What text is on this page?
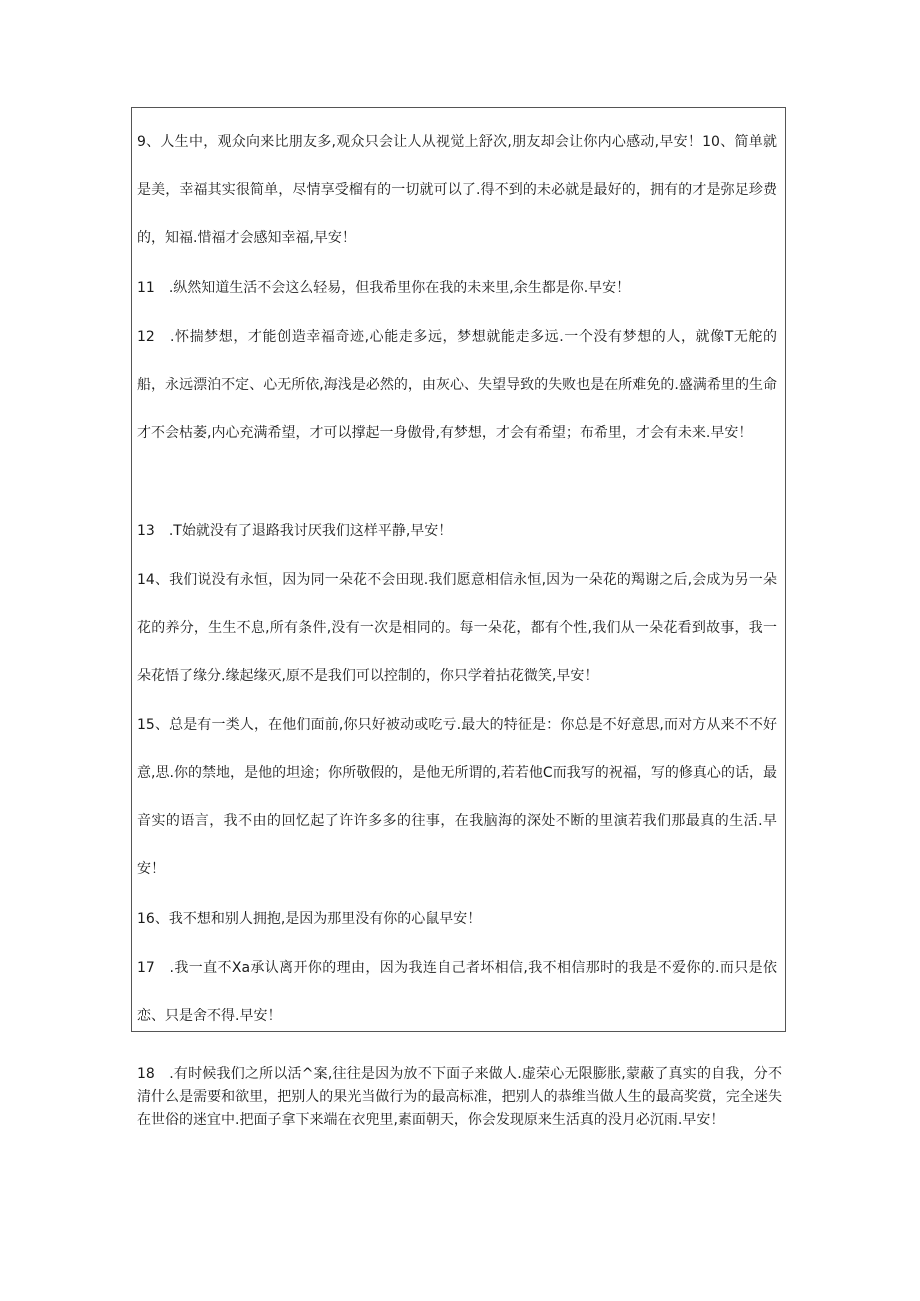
9、人生中，观众向来比朋友多,观众只会让人从视觉上舒次,朋友却会让你内心感动,早安！10、简单就是美，幸福其实很简单，尽情享受榴有的一切就可以了.得不到的未必就是最好的，拥有的才是弥足珍费的，知福.惜福才会感知幸福,早安！

11　.纵然知道生活不会这么轻易，但我希里你在我的未来里,余生都是你.早安！

12　.怀揣梦想，才能创造幸福奇迹,心能走多远，梦想就能走多远.一个没有梦想的人，就像T无舵的船，永远漂泊不定、心无所依,海浅是必然的，由灰心、失望导致的失败也是在所难免的.盛满希里的生命才不会枯萎,内心充满希望，才可以撑起一身傲骨,有梦想，才会有希望；布希里，才会有未来.早安！

13　.T始就没有了退路我讨厌我们这样平静,早安！

14、我们说没有永恒，因为同一朵花不会田现.我们愿意相信永恒,因为一朵花的羯谢之后,会成为另一朵花的养分，生生不息,所有条件,没有一次是相同的。每一朵花，都有个性,我们从一朵花看到故事，我一朵花悟了缘分.缘起缘灭,原不是我们可以控制的，你只学着拈花微笑,早安！

15、总是有一类人，在他们面前,你只好被动或吃亏.最大的特征是：你总是不好意思,而对方从来不不好意,思.你的禁地，是他的坦途；你所敬假的，是他无所谓的,若若他C而我写的祝福，写的修真心的话，最音实的语言，我不由的回忆起了许许多多的往事，在我脑海的深处不断的里演若我们那最真的生活.早安！

16、我不想和别人拥抱,是因为那里没有你的心鼠早安！

17　.我一直不Xa承认离开你的理由，因为我连自己者坏相信,我不相信那时的我是不爱你的.而只是依恋、只是舍不得.早安！

18　.有时候我们之所以活^案,往往是因为放不下面子来做人.虚荣心无限膨胀,蒙蔽了真实的自我，分不清什么是需要和欲里，把别人的果光当做行为的最高标准，把别人的恭维当做人生的最高奖赏，完全迷失在世俗的迷宜中.把面子拿下来端在衣兜里,素面朝天，你会发现原来生活真的没月必沉雨.早安！
